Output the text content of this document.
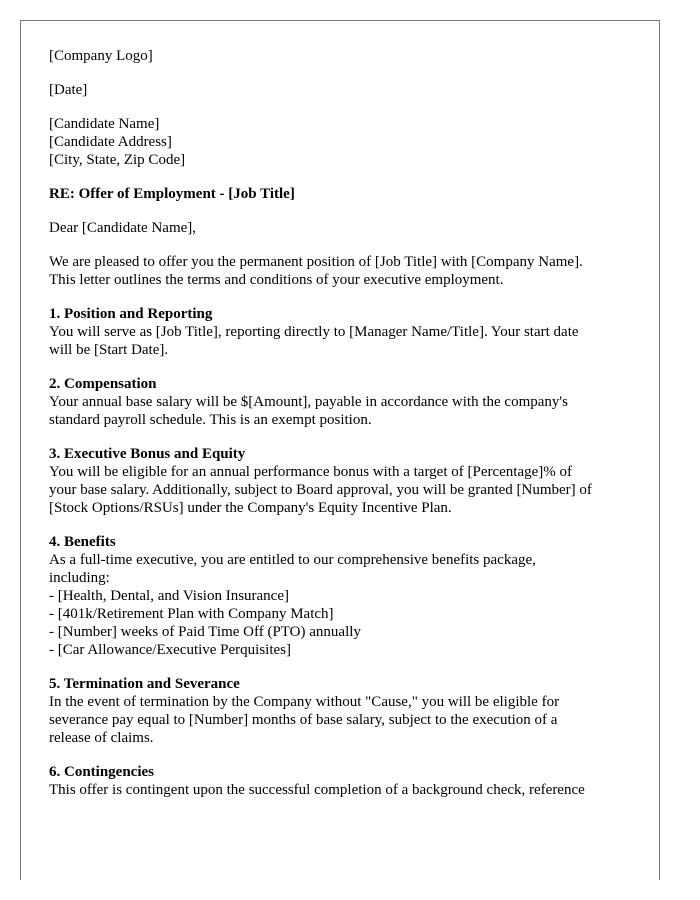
[Company Logo]
[Date]
[Candidate Name]
[Candidate Address]
[City, State, Zip Code]
RE: Offer of Employment - [Job Title]
Dear [Candidate Name],
We are pleased to offer you the permanent position of [Job Title] with [Company Name].
This letter outlines the terms and conditions of your executive employment.
1. Position and Reporting
You will serve as [Job Title], reporting directly to [Manager Name/Title]. Your start date
will be [Start Date].
2. Compensation
Your annual base salary will be $[Amount], payable in accordance with the company's
standard payroll schedule. This is an exempt position.
3. Executive Bonus and Equity
You will be eligible for an annual performance bonus with a target of [Percentage]% of
your base salary. Additionally, subject to Board approval, you will be granted [Number] of
[Stock Options/RSUs] under the Company's Equity Incentive Plan.
4. Benefits
As a full-time executive, you are entitled to our comprehensive benefits package,
including:
- [Health, Dental, and Vision Insurance]
- [401k/Retirement Plan with Company Match]
- [Number] weeks of Paid Time Off (PTO) annually
- [Car Allowance/Executive Perquisites]
5. Termination and Severance
In the event of termination by the Company without "Cause," you will be eligible for
severance pay equal to [Number] months of base salary, subject to the execution of a
release of claims.
6. Contingencies
This offer is contingent upon the successful completion of a background check, reference
